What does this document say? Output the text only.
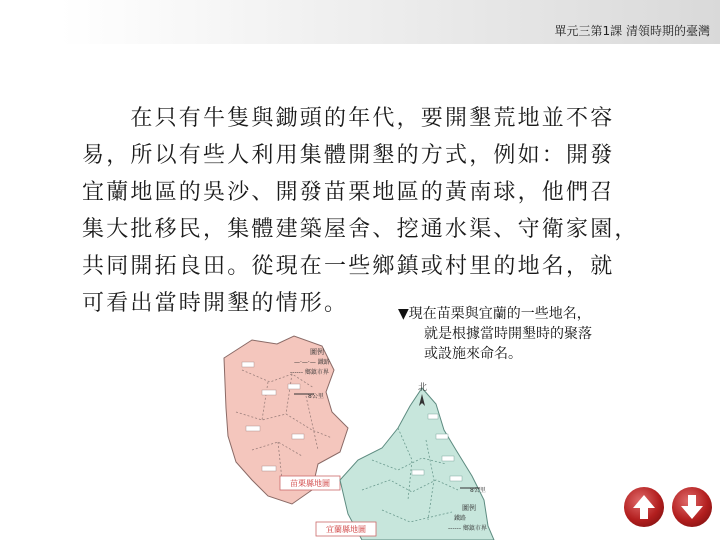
單元三第1課 清領時期的臺灣
　　在只有牛隻與鋤頭的年代，要開墾荒地並不容
易，所以有些人利用集體開墾的方式，例如：開發
宜蘭地區的吳沙、開發苗栗地區的黃南球，他們召
集大批移民，集體建築屋舍、挖通水渠、守衛家園，
共同開拓良田。從現在一些鄉鎮或村里的地名，就
可看出當時開墾的情形。	▼現在苗栗與宜蘭的一些地名，
就是根據當時開墾時的聚落
或設施來命名。
苗栗縣地圖
圖例
—·—·— 鐵路
------ 鄉鎮市界
8公里
宜蘭縣地圖
北
8公里
圖例
鐵路
------ 鄉鎮市界
